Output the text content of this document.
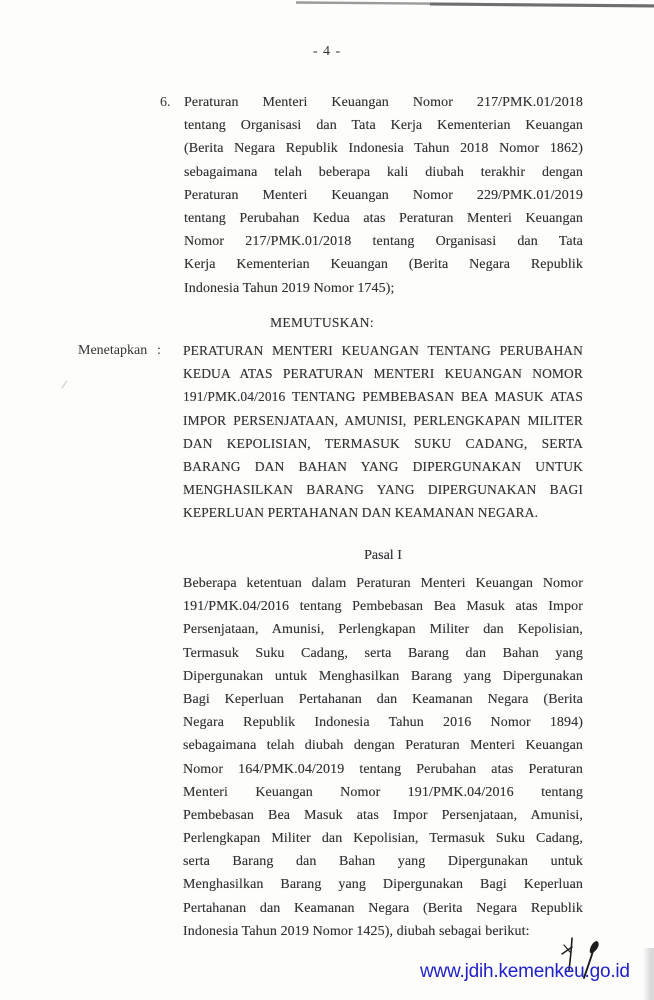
- 4 -
6. Peraturan Menteri Keuangan Nomor 217/PMK.01/2018
tentang Organisasi dan Tata Kerja Kementerian Keuangan
(Berita Negara Republik Indonesia Tahun 2018 Nomor 1862)
sebagaimana telah beberapa kali diubah terakhir dengan
Peraturan Menteri Keuangan Nomor 229/PMK.01/2019
tentang Perubahan Kedua atas Peraturan Menteri Keuangan
Nomor 217/PMK.01/2018 tentang Organisasi dan Tata
Kerja Kementerian Keuangan (Berita Negara Republik
Indonesia Tahun 2019 Nomor 1745);
MEMUTUSKAN:
Menetapkan : PERATURAN MENTERI KEUANGAN TENTANG PERUBAHAN
KEDUA ATAS PERATURAN MENTERI KEUANGAN NOMOR
191/PMK.04/2016 TENTANG PEMBEBASAN BEA MASUK ATAS
IMPOR PERSENJATAAN, AMUNISI, PERLENGKAPAN MILITER
DAN KEPOLISIAN, TERMASUK SUKU CADANG, SERTA
BARANG DAN BAHAN YANG DIPERGUNAKAN UNTUK
MENGHASILKAN BARANG YANG DIPERGUNAKAN BAGI
KEPERLUAN PERTAHANAN DAN KEAMANAN NEGARA.
Pasal I
Beberapa ketentuan dalam Peraturan Menteri Keuangan Nomor
191/PMK.04/2016 tentang Pembebasan Bea Masuk atas Impor
Persenjataan, Amunisi, Perlengkapan Militer dan Kepolisian,
Termasuk Suku Cadang, serta Barang dan Bahan yang
Dipergunakan untuk Menghasilkan Barang yang Dipergunakan
Bagi Keperluan Pertahanan dan Keamanan Negara (Berita
Negara Republik Indonesia Tahun 2016 Nomor 1894)
sebagaimana telah diubah dengan Peraturan Menteri Keuangan
Nomor 164/PMK.04/2019 tentang Perubahan atas Peraturan
Menteri Keuangan Nomor 191/PMK.04/2016 tentang
Pembebasan Bea Masuk atas Impor Persenjataan, Amunisi,
Perlengkapan Militer dan Kepolisian, Termasuk Suku Cadang,
serta Barang dan Bahan yang Dipergunakan untuk
Menghasilkan Barang yang Dipergunakan Bagi Keperluan
Pertahanan dan Keamanan Negara (Berita Negara Republik
Indonesia Tahun 2019 Nomor 1425), diubah sebagai berikut:
www.jdih.kemenkeu.go.id
